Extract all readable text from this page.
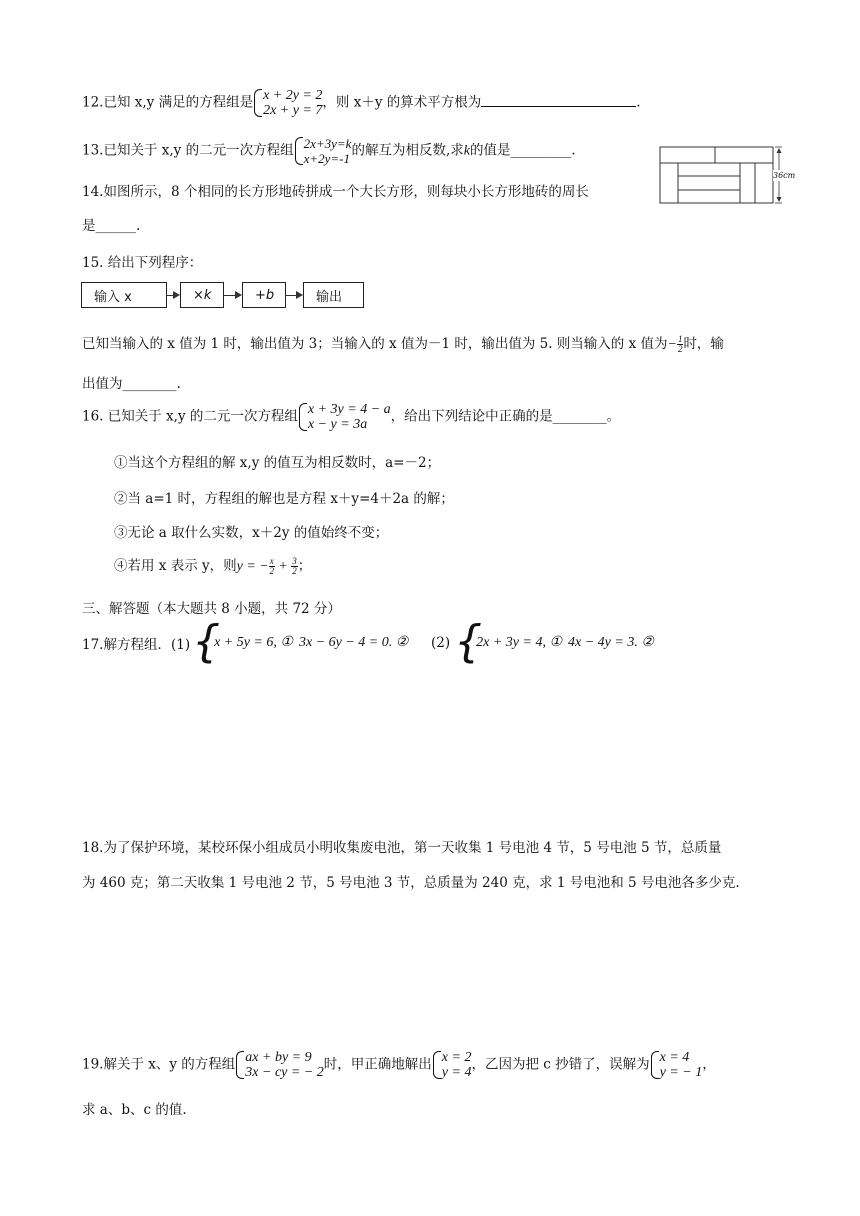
12.已知 x,y 满足的方程组是 x + 2y = 2
2x + y = 7 ，则 x＋y 的算术平方根为	.
13.已知关于 x,y 的二元一次方程组 2x+3y=k
x+2y=-1 的解互为相反数,求k的值是_________.
14.如图所示，8 个相同的长方形地砖拼成一个大长方形，则每块小长方形地砖的周长
是______.
36cm
15. 给出下列程序：
输入 x	×k	+b	输出
已知当输入的 x 值为 1 时，输出值为 3；当输入的 x 值为－1 时，输出值为 5. 则当输入的 x 值为− $\frac{1}{2}$ 时，输
出值为________.
16. 已知关于 x,y 的二元一次方程组 x + 3y = 4 − a
x − y = 3a	，给出下列结论中正确的是________。
①当这个方程组的解 x,y 的值互为相反数时，a=－2；
②当 a=1 时，方程组的解也是方程 x＋y=4＋2a 的解；
③无论 a 取什么实数，x＋2y 的值始终不变；
④若用 x 表示 y，则y = − $\frac{x}{2} + \frac{3}{2}$ ；
三、解答题（本大题共 8 小题，共 72 分）
17.解方程组．(1) { x + 5y = 6, ① 3x − 6y − 4 = 0. ② (2) { 2x + 3y = 4, ① 4x − 4y = 3. ②
18.为了保护环境，某校环保小组成员小明收集废电池，第一天收集 1 号电池 4 节，5 号电池 5 节，总质量
为 460 克；第二天收集 1 号电池 2 节，5 号电池 3 节，总质量为 240 克，求 1 号电池和 5 号电池各多少克.
19.解关于 x、y 的方程组 ax + by = 9
3x − cy = − 2 时，甲正确地解出 x = 2
y = 4 ，乙因为把 c 抄错了，误解为 x = 4
y = − 1 ，
求 a、b、c 的值.
